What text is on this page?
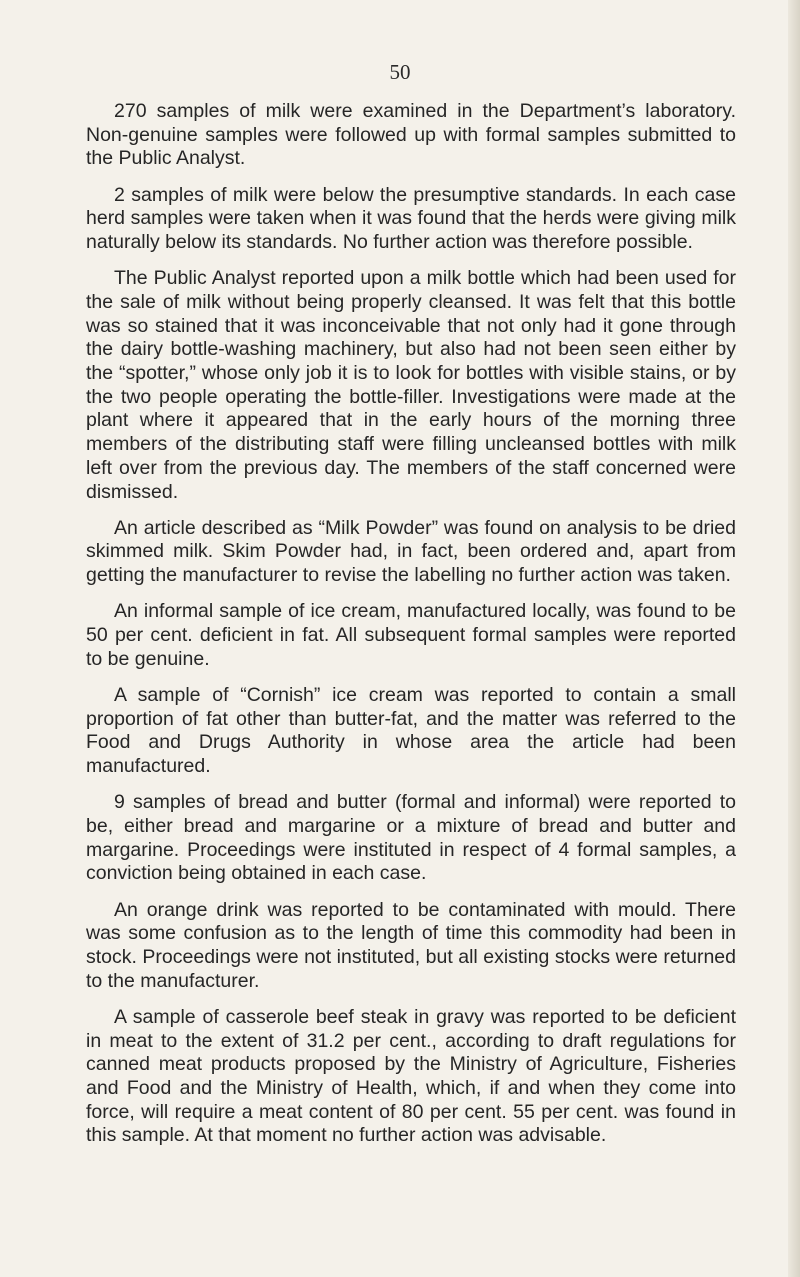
50

270 samples of milk were examined in the Department’s laboratory. Non-genuine samples were followed up with formal samples submitted to the Public Analyst.

2 samples of milk were below the presumptive standards. In each case herd samples were taken when it was found that the herds were giving milk naturally below its standards. No further action was therefore possible.

The Public Analyst reported upon a milk bottle which had been used for the sale of milk without being properly cleansed. It was felt that this bottle was so stained that it was inconceivable that not only had it gone through the dairy bottle-washing machinery, but also had not been seen either by the “spotter,” whose only job it is to look for bottles with visible stains, or by the two people operating the bottle-filler. Investigations were made at the plant where it appeared that in the early hours of the morning three members of the distributing staff were filling uncleansed bottles with milk left over from the previous day. The members of the staff concerned were dismissed.

An article described as “Milk Powder” was found on analysis to be dried skimmed milk. Skim Powder had, in fact, been ordered and, apart from getting the manufacturer to revise the labelling no further action was taken.

An informal sample of ice cream, manufactured locally, was found to be 50 per cent. deficient in fat. All subsequent formal samples were reported to be genuine.

A sample of “Cornish” ice cream was reported to contain a small proportion of fat other than butter-fat, and the matter was referred to the Food and Drugs Authority in whose area the article had been manufactured.

9 samples of bread and butter (formal and informal) were reported to be, either bread and margarine or a mixture of bread and butter and margarine. Proceedings were instituted in respect of 4 formal samples, a conviction being obtained in each case.

An orange drink was reported to be contaminated with mould. There was some confusion as to the length of time this commodity had been in stock. Proceedings were not instituted, but all existing stocks were returned to the manufacturer.

A sample of casserole beef steak in gravy was reported to be deficient in meat to the extent of 31.2 per cent., according to draft regulations for canned meat products proposed by the Ministry of Agriculture, Fisheries and Food and the Ministry of Health, which, if and when they come into force, will require a meat content of 80 per cent. 55 per cent. was found in this sample. At that moment no further action was advisable.
